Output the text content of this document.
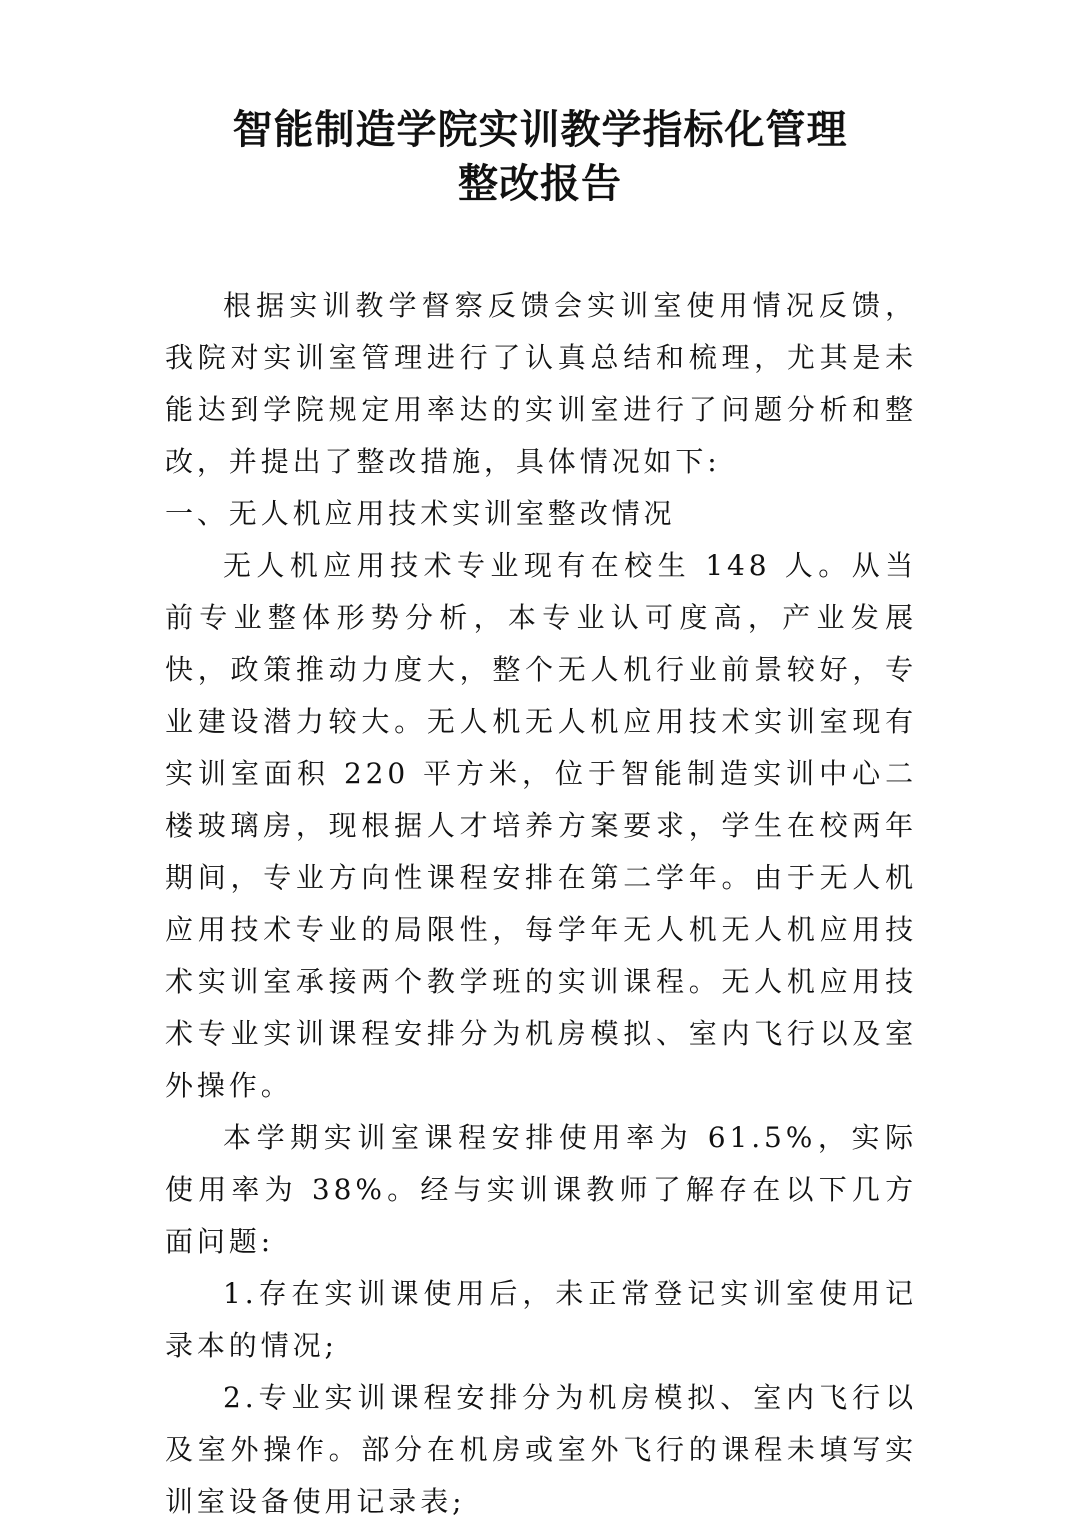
智能制造学院实训教学指标化管理
整改报告

根据实训教学督察反馈会实训室使用情况反馈，我院对实训室管理进行了认真总结和梳理，尤其是未能达到学院规定用率达的实训室进行了问题分析和整改，并提出了整改措施，具体情况如下:

一、无人机应用技术实训室整改情况

无人机应用技术专业现有在校生 148 人。从当前专业整体形势分析，本专业认可度高，产业发展快，政策推动力度大，整个无人机行业前景较好，专业建设潜力较大。无人机无人机应用技术实训室现有实训室面积 220 平方米，位于智能制造实训中心二楼玻璃房，现根据人才培养方案要求，学生在校两年期间，专业方向性课程安排在第二学年。由于无人机应用技术专业的局限性，每学年无人机无人机应用技术实训室承接两个教学班的实训课程。无人机应用技术专业实训课程安排分为机房模拟、室内飞行以及室外操作。

本学期实训室课程安排使用率为 61.5%，实际使用率为 38%。经与实训课教师了解存在以下几方面问题:

1.存在实训课使用后，未正常登记实训室使用记录本的情况;

2.专业实训课程安排分为机房模拟、室内飞行以及室外操作。部分在机房或室外飞行的课程未填写实训室设备使用记录表;
